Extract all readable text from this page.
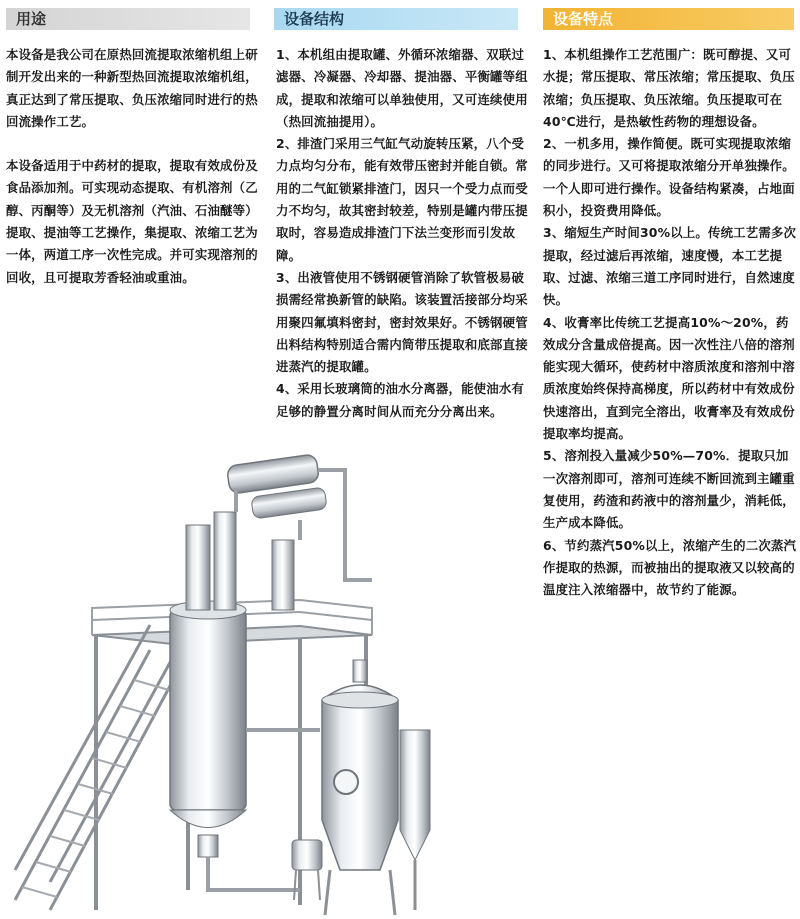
用途	设备结构	设备特点

本设备是我公司在原热回流提取浓缩机组上研制开发出来的一种新型热回流提取浓缩机组，真正达到了常压提取、负压浓缩同时进行的热回流操作工艺。

本设备适用于中药材的提取，提取有效成份及食品添加剂。可实现动态提取、有机溶剂（乙醇、丙酮等）及无机溶剂（汽油、石油醚等）提取、提油等工艺操作，集提取、浓缩工艺为一体，两道工序一次性完成。并可实现溶剂的回收，且可提取芳香轻油或重油。

1、本机组由提取罐、外循环浓缩器、双联过滤器、冷凝器、冷却器、提油器、平衡罐等组成，提取和浓缩可以单独使用，又可连续使用（热回流抽提用）。

2、排渣门采用三气缸气动旋转压紧，八个受力点均匀分布，能有效带压密封并能自锁。常用的二气缸锁紧排渣门，因只一个受力点而受力不均匀，故其密封较差，特别是罐内带压提取时，容易造成排渣门下法兰变形而引发故障。

3、出液管使用不锈钢硬管消除了软管极易破损需经常换新管的缺陷。该装置活接部分均采用聚四氟填料密封，密封效果好。不锈钢硬管出料结构特别适合需内筒带压提取和底部直接进蒸汽的提取罐。

4、采用长玻璃筒的油水分离器，能使油水有足够的静置分离时间从而充分分离出来。

1、本机组操作工艺范围广：既可醇提、又可水提；常压提取、常压浓缩；常压提取、负压浓缩；负压提取、负压浓缩。负压提取可在40℃进行，是热敏性药物的理想设备。

2、一机多用，操作简便。既可实现提取浓缩的同步进行。又可将提取浓缩分开单独操作。一个人即可进行操作。设备结构紧凑，占地面积小，投资费用降低。

3、缩短生产时间30%以上。传统工艺需多次提取，经过滤后再浓缩，速度慢，本工艺提取、过滤、浓缩三道工序同时进行，自然速度快。

4、收膏率比传统工艺提高10%～20%，药效成分含量成倍提高。因一次性注八倍的溶剂能实现大循环，使药材中溶质浓度和溶剂中溶质浓度始终保持高梯度，所以药材中有效成份快速溶出，直到完全溶出，收膏率及有效成份提取率均提高。

5、溶剂投入量减少50%—70%．提取只加一次溶剂即可，溶剂可连续不断回流到主罐重复使用，药渣和药液中的溶剂量少，消耗低，生产成本降低。

6、节约蒸汽50%以上，浓缩产生的二次蒸汽作提取的热源，而被抽出的提取液又以较高的温度注入浓缩器中，故节约了能源。
